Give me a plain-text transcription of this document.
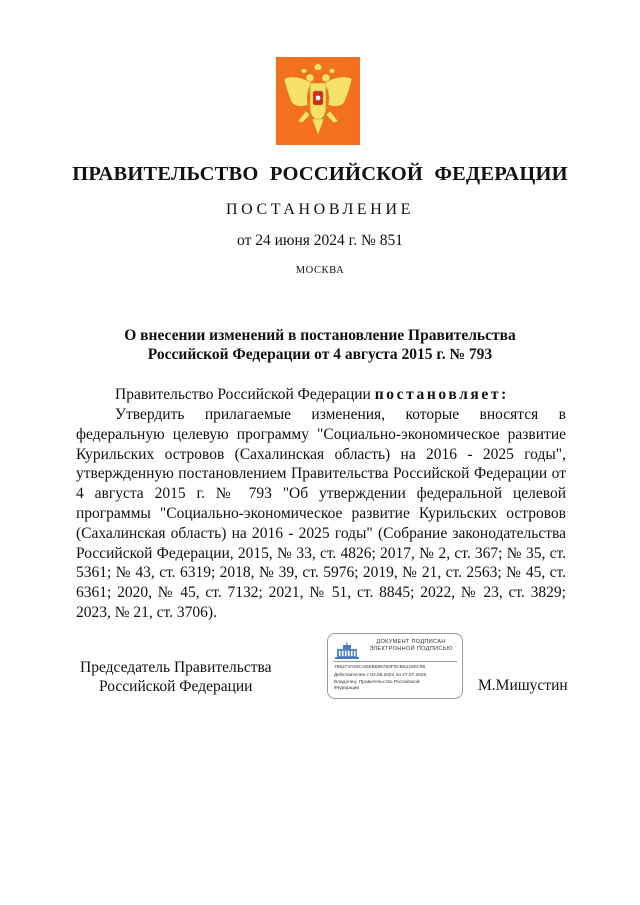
ПРАВИТЕЛЬСТВО РОССИЙСКОЙ ФЕДЕРАЦИИ
ПОСТАНОВЛЕНИЕ
от 24 июня 2024 г. № 851
МОСКВА
О внесении изменений в постановление Правительства
Российской Федерации от 4 августа 2015 г. № 793
Правительство Российской Федерации постановляет:
Утвердить прилагаемые изменения, которые вносятся в федеральную целевую программу "Социально-экономическое развитие Курильских островов (Сахалинская область) на 2016 - 2025 годы", утвержденную постановлением Правительства Российской Федерации от 4 августа 2015 г. № 793 "Об утверждении федеральной целевой программы "Социально-экономическое развитие Курильских островов (Сахалинская область) на 2016 - 2025 годы" (Собрание законодательства Российской Федерации, 2015, № 33, ст. 4826; 2017, № 2, ст. 367; № 35, ст. 5361; № 43, ст. 6319; 2018, № 39, ст. 5976; 2019, № 21, ст. 2563; № 45, ст. 6361; 2020, № 45, ст. 7132; 2021, № 51, ст. 8845; 2022, № 23, ст. 3829; 2023, № 21, ст. 3706).
Председатель Правительства
Российской Федерации
ДОКУМЕНТ ПОДПИСАН
ЭЛЕКТРОННОЙ ПОДПИСЬЮ
788274A93CAEEB596783F0CB61250C86
Действителен с 03.05.2024 по 27.07.2025
Владелец: Правительство Российской
Федерации	М.Мишустин
